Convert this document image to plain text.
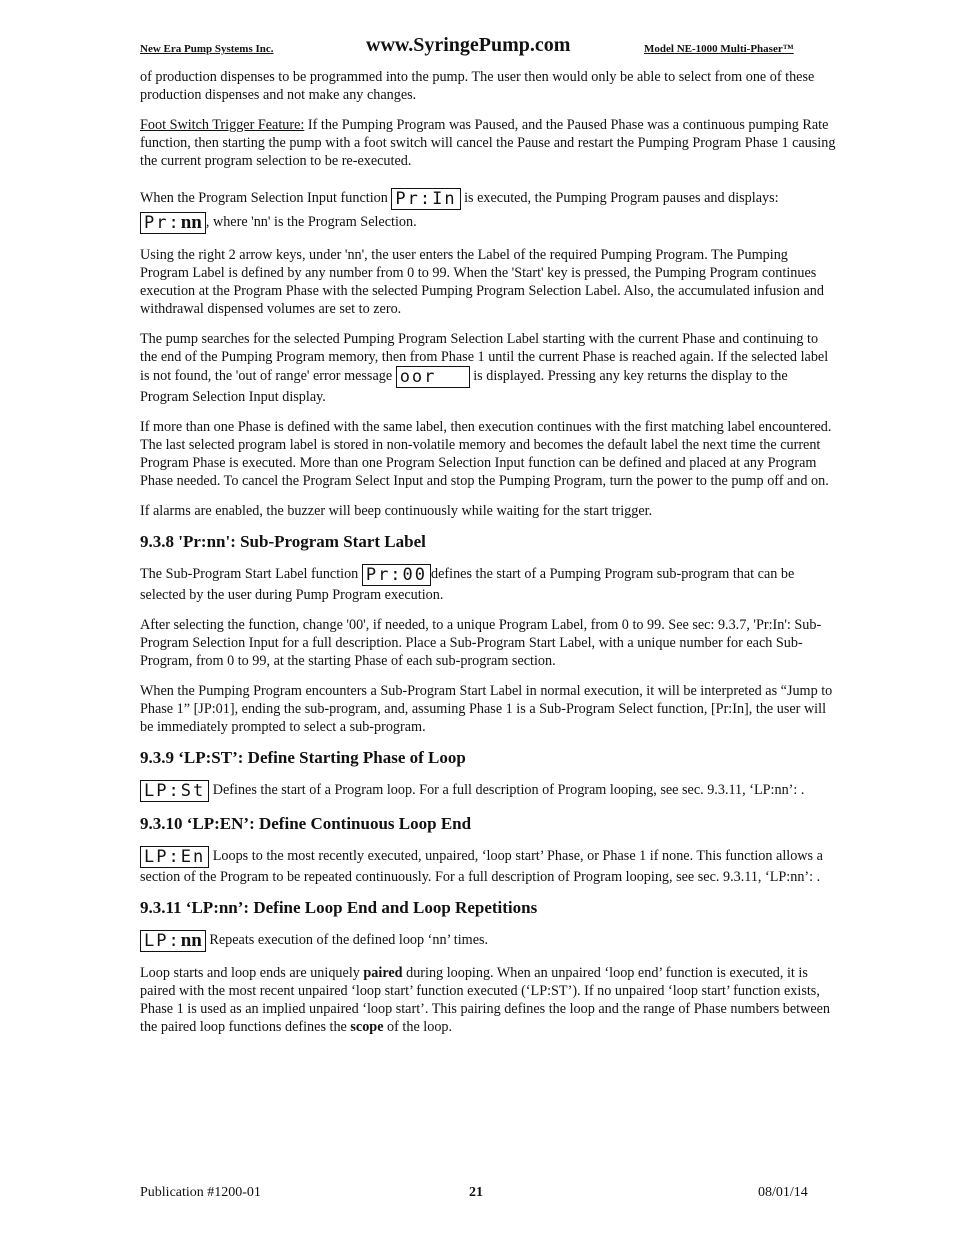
New Era Pump Systems Inc.	www.SyringePump.com	Model NE-1000 Multi-Phaser™

of production dispenses to be programmed into the pump. The user then would only be able to select from one of these production dispenses and not make any changes.

Foot Switch Trigger Feature: If the Pumping Program was Paused, and the Paused Phase was a continuous pumping Rate function, then starting the pump with a foot switch will cancel the Pause and restart the Pumping Program Phase 1 causing the current program selection to be re-executed.

When the Program Selection Input function Pr:In is executed, the Pumping Program pauses and displays: Pr:nn , where 'nn' is the Program Selection.

Using the right 2 arrow keys, under 'nn', the user enters the Label of the required Pumping Program. The Pumping Program Label is defined by any number from 0 to 99. When the 'Start' key is pressed, the Pumping Program continues execution at the Program Phase with the selected Pumping Program Selection Label. Also, the accumulated infusion and withdrawal dispensed volumes are set to zero.

The pump searches for the selected Pumping Program Selection Label starting with the current Phase and continuing to the end of the Pumping Program memory, then from Phase 1 until the current Phase is reached again. If the selected label is not found, the 'out of range' error message oor is displayed. Pressing any key returns the display to the Program Selection Input display.

If more than one Phase is defined with the same label, then execution continues with the first matching label encountered. The last selected program label is stored in non-volatile memory and becomes the default label the next time the current Program Phase is executed. More than one Program Selection Input function can be defined and placed at any Program Phase needed. To cancel the Program Select Input and stop the Pumping Program, turn the power to the pump off and on.

If alarms are enabled, the buzzer will beep continuously while waiting for the start trigger.

9.3.8 'Pr:nn': Sub-Program Start Label

The Sub-Program Start Label function Pr:00 defines the start of a Pumping Program sub-program that can be selected by the user during Pump Program execution.

After selecting the function, change '00', if needed, to a unique Program Label, from 0 to 99. See sec: 9.3.7, 'Pr:In': Sub-Program Selection Input for a full description. Place a Sub-Program Start Label, with a unique number for each Sub-Program, from 0 to 99, at the starting Phase of each sub-program section.

When the Pumping Program encounters a Sub-Program Start Label in normal execution, it will be interpreted as “Jump to Phase 1” [JP:01], ending the sub-program, and, assuming Phase 1 is a Sub-Program Select function, [Pr:In], the user will be immediately prompted to select a sub-program.

9.3.9 ‘LP:ST’: Define Starting Phase of Loop

LP:St Defines the start of a Program loop. For a full description of Program looping, see sec. 9.3.11, ‘LP:nn’: .

9.3.10 ‘LP:EN’: Define Continuous Loop End

LP:En Loops to the most recently executed, unpaired, ‘loop start’ Phase, or Phase 1 if none. This function allows a section of the Program to be repeated continuously. For a full description of Program looping, see sec. 9.3.11, ‘LP:nn’: .

9.3.11 ‘LP:nn’: Define Loop End and Loop Repetitions

LP:nn Repeats execution of the defined loop ‘nn’ times.

Loop starts and loop ends are uniquely paired during looping. When an unpaired ‘loop end’ function is executed, it is paired with the most recent unpaired ‘loop start’ function executed (‘LP:ST’). If no unpaired ‘loop start’ function exists, Phase 1 is used as an implied unpaired ‘loop start’. This pairing defines the loop and the range of Phase numbers between the paired loop functions defines the scope of the loop.

Publication #1200-01	21	08/01/14
